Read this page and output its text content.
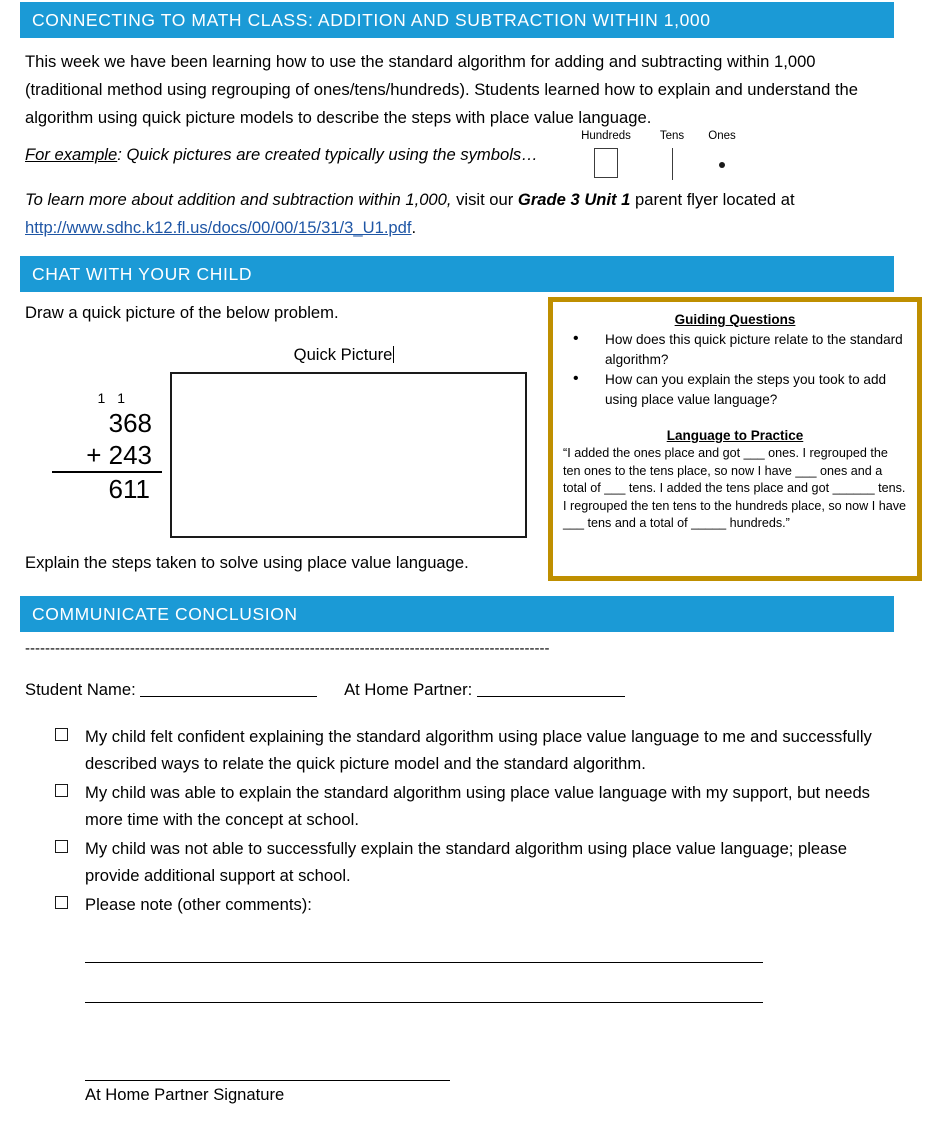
CONNECTING TO MATH CLASS: ADDITION AND SUBTRACTION WITHIN 1,000

This week we have been learning how to use the standard algorithm for adding and subtracting within 1,000 (traditional method using regrouping of ones/tens/hundreds). Students learned how to explain and understand the algorithm using quick picture models to describe the steps with place value language.

For example: Quick pictures are created typically using the symbols…
Hundreds	Tens	Ones
To learn more about addition and subtraction within 1,000, visit our Grade 3 Unit 1 parent flyer located at
http://www.sdhc.k12.fl.us/docs/00/00/15/31/3_U1.pdf.
CHAT WITH YOUR CHILD
Draw a quick picture of the below problem.
Quick Picture
1 1
368
+ 243
611
Explain the steps taken to solve using place value language.
Guiding Questions
• How does this quick picture relate to the standard algorithm?
• How can you explain the steps you took to add using place value language?
Language to Practice

“I added the ones place and got ___ ones. I regrouped the ten ones to the tens place, so now I have ___ ones and a total of ___ tens. I added the tens place and got ______ tens. I regrouped the ten tens to the hundreds place, so now I have ___ tens and a total of _____ hundreds.”

COMMUNICATE CONCLUSION
---------------------------------------------------------------------------------------------------------
Student Name:	At Home Partner:
My child felt confident explaining the standard algorithm using place value language to me and successfully described ways to relate the quick picture model and the standard algorithm.
My child was able to explain the standard algorithm using place value language with my support, but needs more time with the concept at school.
My child was not able to successfully explain the standard algorithm using place value language; please provide additional support at school.
Please note (other comments):
At Home Partner Signature
